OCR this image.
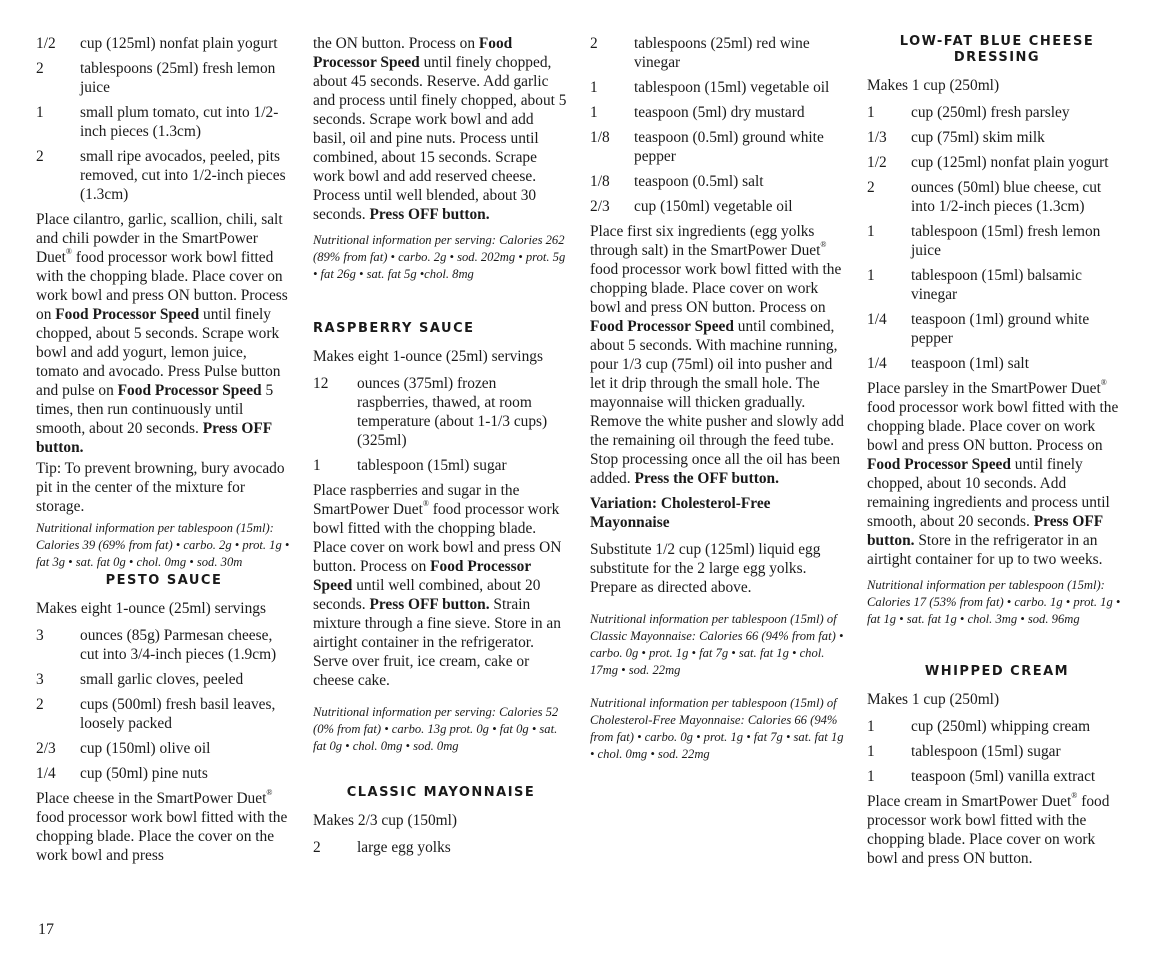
1/2	cup (125ml) nonfat plain yogurt
2	tablespoons (25ml) fresh lemon juice
1	small plum tomato, cut into 1/2-inch pieces (1.3cm)
2	small ripe avocados, peeled, pits removed, cut into 1/2-inch pieces (1.3cm)
Place cilantro, garlic, scallion, chili, salt and chili powder in the SmartPower Duet® food processor work bowl fitted with the chopping blade. Place cover on work bowl and press ON button. Process on Food Processor Speed until finely chopped, about 5 seconds. Scrape work bowl and add yogurt, lemon juice, tomato and avocado. Press Pulse button and pulse on Food Processor Speed 5 times, then run continuously until smooth, about 20 seconds. Press OFF button.
Tip: To prevent browning, bury avocado pit in the center of the mixture for storage.
Nutritional information per tablespoon (15ml): Calories 39 (69% from fat) • carbo. 2g • prot. 1g • fat 3g • sat. fat 0g • chol. 0mg • sod. 30m
PESTO SAUCE
Makes eight 1-ounce (25ml) servings
3	ounces (85g) Parmesan cheese, cut into 3/4-inch pieces (1.9cm)
3	small garlic cloves, peeled
2	cups (500ml) fresh basil leaves, loosely packed
2/3	cup (150ml) olive oil
1/4	cup (50ml) pine nuts
Place cheese in the SmartPower Duet® food processor work bowl fitted with the chopping blade. Place the cover on the work bowl and press
the ON button. Process on Food Processor Speed until finely chopped, about 45 seconds. Reserve. Add garlic and process until finely chopped, about 5 seconds. Scrape work bowl and add basil, oil and pine nuts. Process until combined, about 15 seconds. Scrape work bowl and add reserved cheese. Process until well blended, about 30 seconds. Press OFF button.
Nutritional information per serving: Calories 262 (89% from fat) • carbo. 2g • sod. 202mg • prot. 5g • fat 26g • sat. fat 5g •chol. 8mg
RASPBERRY SAUCE
Makes eight 1-ounce (25ml) servings
12	ounces (375ml) frozen raspberries, thawed, at room temperature (about 1-1/3 cups) (325ml)
1	tablespoon (15ml) sugar
Place raspberries and sugar in the SmartPower Duet® food processor work bowl fitted with the chopping blade. Place cover on work bowl and press ON button. Process on Food Processor Speed until well combined, about 20 seconds. Press OFF button. Strain mixture through a fine sieve. Store in an airtight container in the refrigerator. Serve over fruit, ice cream, cake or cheese cake.
Nutritional information per serving: Calories 52 (0% from fat) • carbo. 13g prot. 0g • fat 0g • sat. fat 0g • chol. 0mg • sod. 0mg
CLASSIC MAYONNAISE
Makes 2/3 cup (150ml)
2	large egg yolks
2	tablespoons (25ml) red wine vinegar
1	tablespoon (15ml) vegetable oil
1	teaspoon (5ml) dry mustard
1/8	teaspoon (0.5ml) ground white pepper
1/8	teaspoon (0.5ml) salt
2/3	cup (150ml) vegetable oil
Place first six ingredients (egg yolks through salt) in the SmartPower Duet® food processor work bowl fitted with the chopping blade. Place cover on work bowl and press ON button. Process on Food Processor Speed until combined, about 5 seconds. With machine running, pour 1/3 cup (75ml) oil into pusher and let it drip through the small hole. The mayonnaise will thicken gradually. Remove the white pusher and slowly add the remaining oil through the feed tube. Stop processing once all the oil has been added. Press the OFF button.
Variation: Cholesterol-Free Mayonnaise
Substitute 1/2 cup (125ml) liquid egg substitute for the 2 large egg yolks. Prepare as directed above.
Nutritional information per tablespoon (15ml) of Classic Mayonnaise: Calories 66 (94% from fat) • carbo. 0g • prot. 1g • fat 7g • sat. fat 1g • chol. 17mg • sod. 22mg
Nutritional information per tablespoon (15ml) of Cholesterol-Free Mayonnaise: Calories 66 (94% from fat) • carbo. 0g • prot. 1g • fat 7g • sat. fat 1g • chol. 0mg • sod. 22mg
LOW-FAT BLUE CHEESE DRESSING
Makes 1 cup (250ml)
1	cup (250ml) fresh parsley
1/3	cup (75ml) skim milk
1/2	cup (125ml) nonfat plain yogurt
2	ounces (50ml) blue cheese, cut into 1/2-inch pieces (1.3cm)
1	tablespoon (15ml) fresh lemon juice
1	tablespoon (15ml) balsamic vinegar
1/4	teaspoon (1ml) ground white pepper
1/4	teaspoon (1ml) salt
Place parsley in the SmartPower Duet® food processor work bowl fitted with the chopping blade. Place cover on work bowl and press ON button. Process on Food Processor Speed until finely chopped, about 10 seconds. Add remaining ingredients and process until smooth, about 20 seconds. Press OFF button. Store in the refrigerator in an airtight container for up to two weeks.
Nutritional information per tablespoon (15ml): Calories 17 (53% from fat) • carbo. 1g • prot. 1g • fat 1g • sat. fat 1g • chol. 3mg • sod. 96mg
WHIPPED CREAM
Makes 1 cup (250ml)
1	cup (250ml) whipping cream
1	tablespoon (15ml) sugar
1	teaspoon (5ml) vanilla extract
Place cream in SmartPower Duet® food processor work bowl fitted with the chopping blade. Place cover on work bowl and press ON button.
17
